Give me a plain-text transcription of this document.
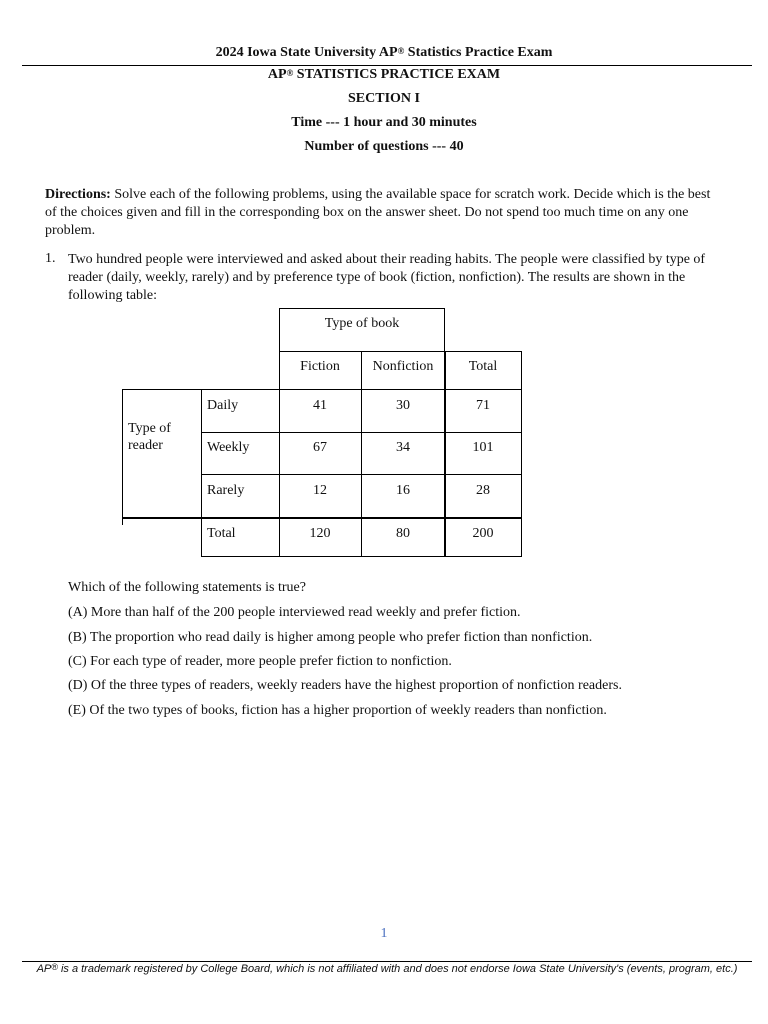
2024 Iowa State University AP® Statistics Practice Exam
AP® STATISTICS PRACTICE EXAM
SECTION I
Time --- 1 hour and 30 minutes
Number of questions --- 40
Directions: Solve each of the following problems, using the available space for scratch work. Decide which is the best of the choices given and fill in the corresponding box on the answer sheet. Do not spend too much time on any one problem.
1. Two hundred people were interviewed and asked about their reading habits. The people were classified by type of reader (daily, weekly, rarely) and by preference type of book (fiction, nonfiction). The results are shown in the following table:
Type of book
Fiction	Nonfiction	Total
Type of
reader
Daily	41	30	71
Weekly	67	34	101
Rarely	12	16	28
Total	120	80	200
Which of the following statements is true?
(A) More than half of the 200 people interviewed read weekly and prefer fiction.
(B) The proportion who read daily is higher among people who prefer fiction than nonfiction.
(C) For each type of reader, more people prefer fiction to nonfiction.
(D) Of the three types of readers, weekly readers have the highest proportion of nonfiction readers.
(E) Of the two types of books, fiction has a higher proportion of weekly readers than nonfiction.
1
AP® is a trademark registered by College Board, which is not affiliated with and does not endorse Iowa State University's (events, program, etc.)
